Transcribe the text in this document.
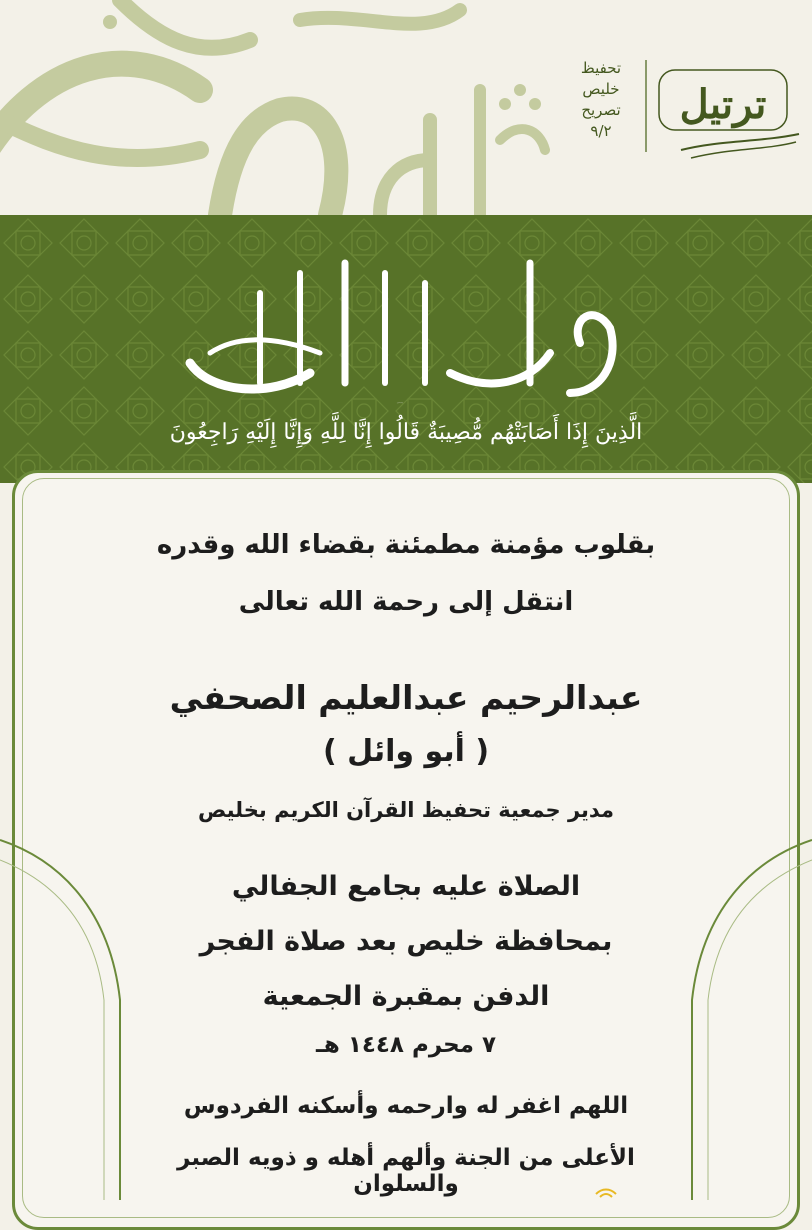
تحفيظ
خليص
تصريح
٩/٢
ترتيل
وبشر الصابرين
الَّذِينَ إِذَا أَصَابَتْهُم مُّصِيبَةٌ قَالُوا إِنَّا لِلَّهِ وَإِنَّا إِلَيْهِ رَاجِعُونَ
بقلوب مؤمنة مطمئنة بقضاء الله وقدره
انتقل إلى رحمة الله تعالى
عبدالرحيم عبدالعليم الصحفي
( أبو وائل )
مدير جمعية تحفيظ القرآن الكريم بخليص
الصلاة عليه بجامع الجفالي
بمحافظة خليص بعد صلاة الفجر
الدفن بمقبرة الجمعية
٧ محرم ١٤٤٨ هـ
اللهم اغفر له وارحمه وأسكنه الفردوس
الأعلى من الجنة وألهم أهله و ذويه الصبر والسلوان
